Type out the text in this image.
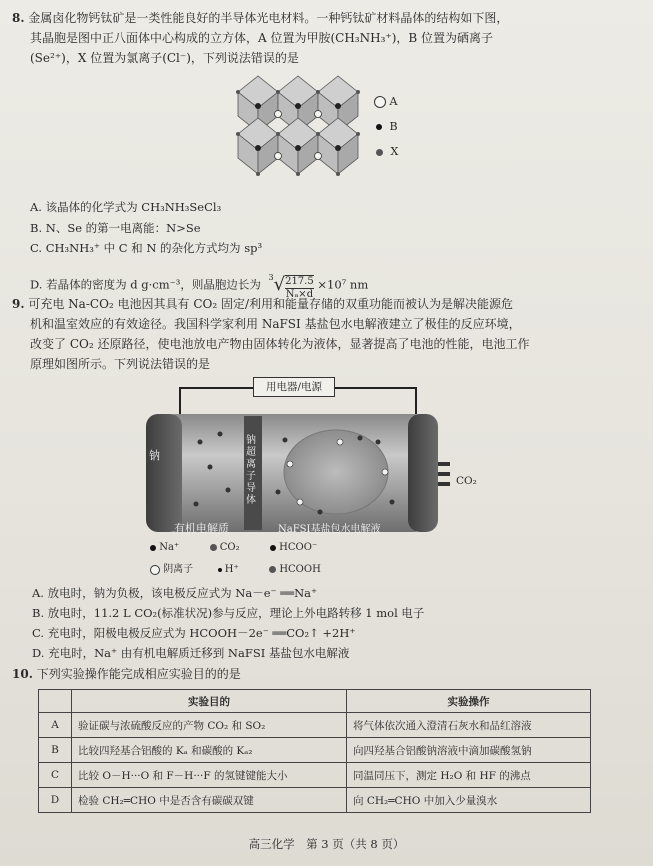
8. 金属卤化物钙钛矿是一类性能良好的半导体光电材料。一种钙钛矿材料晶体的结构如下图，
其晶胞是图中正八面体中心构成的立方体，A 位置为甲胺(CH₃NH₃⁺)，B 位置为硒离子
(Se²⁺)，X 位置为氯离子(Cl⁻)，下列说法错误的是
A
B
X
A. 该晶体的化学式为 CH₃NH₃SeCl₃
B. N、Se 的第一电离能：N>Se
C. CH₃NH₃⁺ 中 C 和 N 的杂化方式均为 sp³
D. 若晶体的密度为 d g·cm⁻³，则晶胞边长为 $^3√ \frac{217.5}{\text{Nₐ×d}} \times 10^7$ nm
9. 可充电 Na-CO₂ 电池因其具有 CO₂ 固定/利用和能量存储的双重功能而被认为是解决能源危
机和温室效应的有效途径。我国科学家利用 NaFSI 基盐包水电解液建立了极佳的反应环境，
改变了 CO₂ 还原路径，使电池放电产物由固体转化为液体，显著提高了电池的性能，电池工作
原理如图所示。下列说法错误的是
用电器/电源
钠
钠超离子导体
有机电解质	NaFSI基盐包水电解液
CO₂
Na⁺	CO₂	HCOO⁻
阴离子	H⁺	HCOOH
A. 放电时，钠为负极，该电极反应式为 Na－e⁻ ══Na⁺
B. 放电时，11.2 L CO₂(标准状况)参与反应，理论上外电路转移 1 mol 电子
C. 充电时，阳极电极反应式为 HCOOH－2e⁻ ══CO₂↑ +2H⁺
D. 充电时，Na⁺ 由有机电解质迁移到 NaFSI 基盐包水电解液
10. 下列实验操作能完成相应实验目的的是
	实验目的	实验操作
A	验证碳与浓硫酸反应的产物 CO₂ 和 SO₂	将气体依次通入澄清石灰水和品红溶液
B	比较四羟基合铝酸的 Kₐ 和碳酸的 Kₐ₂	向四羟基合铝酸钠溶液中滴加碳酸氢钠
C	比较 O－H···O 和 F－H···F 的氢键键能大小	同温同压下，测定 H₂O 和 HF 的沸点
D	检验 CH₂═CHO 中是否含有碳碳双键	向 CH₂═CHO 中加入少量溴水
高三化学　第 3 页（共 8 页）
